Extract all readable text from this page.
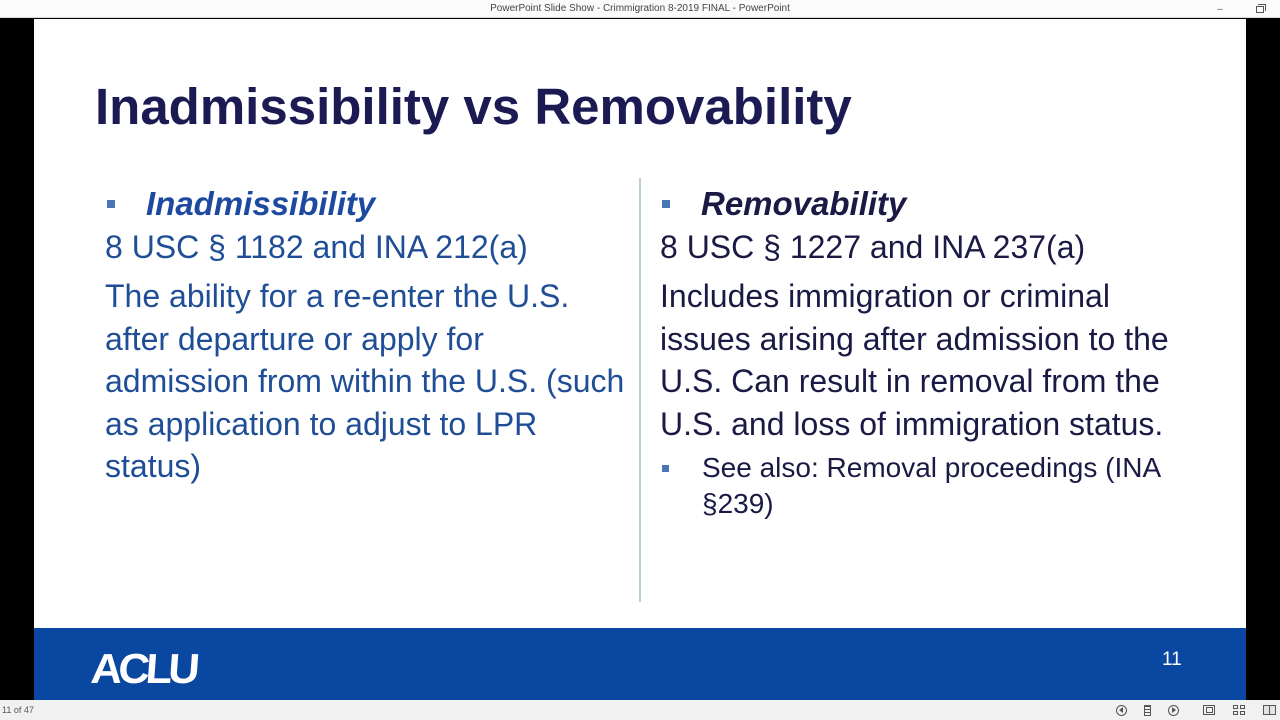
PowerPoint Slide Show - Crimmigration 8-2019 FINAL - PowerPoint	–
Inadmissibility vs Removability
Inadmissibility
8 USC § 1182 and INA 212(a)
The ability for a re-enter the U.S. after departure or apply for admission from within the U.S. (such as application to adjust to LPR status)
Removability
8 USC § 1227 and INA 237(a)
Includes immigration or criminal issues arising after admission to the U.S. Can result in removal from the U.S. and loss of immigration status.
See also: Removal proceedings (INA §239)
ACLU	11
11 of 47
